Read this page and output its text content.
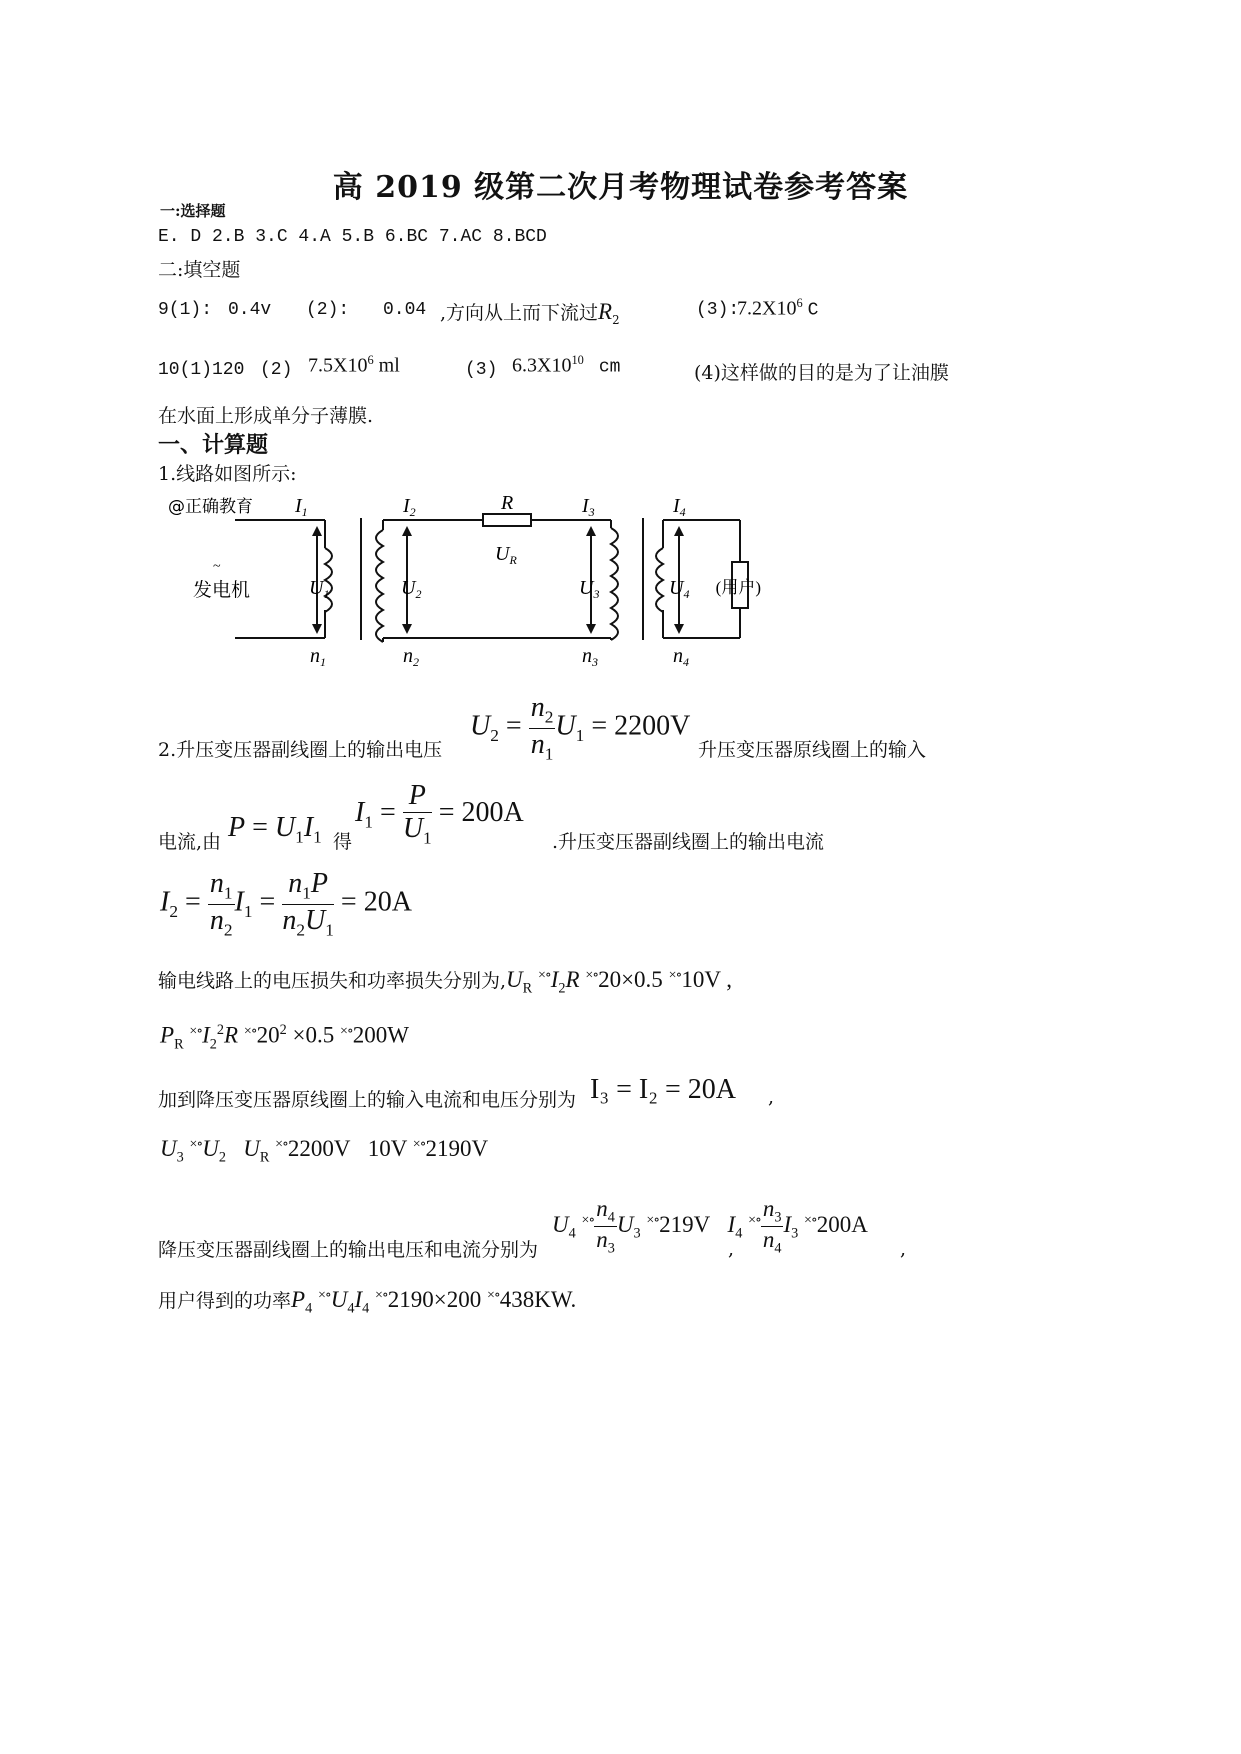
高 2019 级第二次月考物理试卷参考答案
一:选择题
E. D 2.B 3.C 4.A 5.B 6.BC 7.AC 8.BCD
二:填空题
9(1): 0.4v (2): 0.04 ,方向从上而下流过$R_2$	(3):
$7.2X10^6$ C
10(1)120 (2) $7.5X10^6$ ml	(3) $6.3X10^{10}$ cm	(4)这样做的目的是为了让油膜
在水面上形成单分子薄膜.
一、计算题
1.线路如图所示:
@正确教育
发电机
~
(用户)
$I_1$	$I_2$	$I_3$	$I_4$
R
$U_R$
$U_1$	$U_2$	$U_3$	$U_4$
$n_1$	$n_2$	$n_3$	$n_4$
2.升压变压器副线圈上的输出电压
$U_2 = \frac{n_2}{n_1} U_1 = 2200V$
升压变压器原线圈上的输入
电流,由 $P = U_1I_1$ 得
$I_1 = \frac{P}{U_1} = 200A$
.升压变压器副线圈上的输出电流
$I_2 = \frac{n_1}{n_2} I_1 = \frac{n_1P}{n_2U_1} = 20A$
输电线路上的电压损失和功率损失分别为$,U_R$ $^{\times\circ}I_2R$ ×∘20×0.5 ×∘10V ,
$P_R$ $^{\times\circ}I_2^2R$ $^{\times\circ}20^2 \times 0.5$ ×∘200W
加到降压变压器原线圈上的输入电流和电压分别为 I₃ = I₂ = 20A ,
$U_3$ $^{\times\circ}U_2$ $U_R$ ×∘2200V 10V ×∘2190V
降压变压器副线圈上的输出电压和电流分别为
$U_4$ $^{\times\circ} \frac{n_4}{n_3} U_3$ ×∘219V $I_4$ $^{\times\circ} \frac{n_3}{n_4} I_3$ ×∘200A
,	,
用户得到的功率$P_4$ $^{\times\circ}U_4I_4$ ×∘2190×200 ×∘438KW.
